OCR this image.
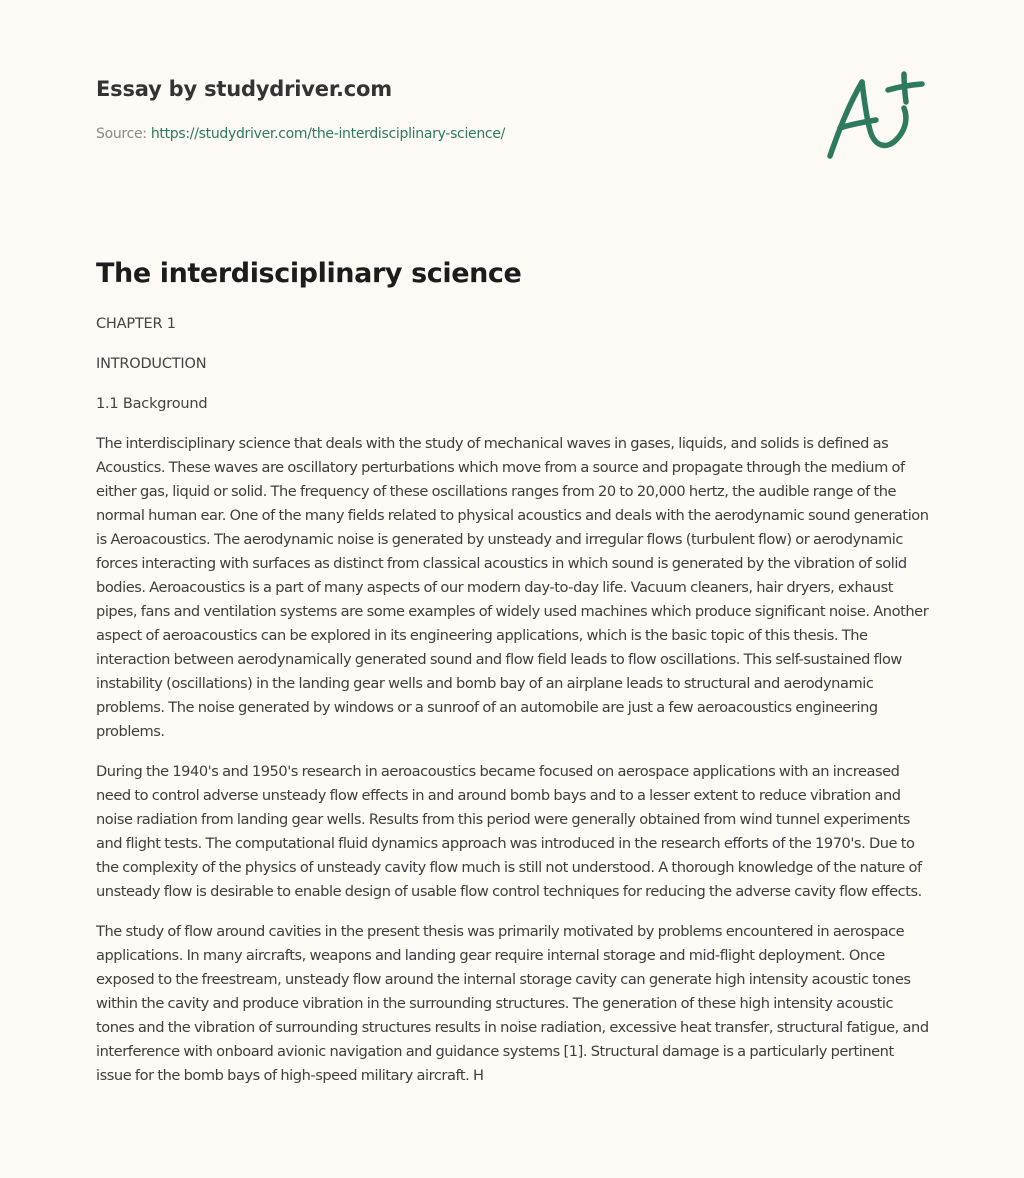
Essay by studydriver.com
Source: https://studydriver.com/the-interdisciplinary-science/
The interdisciplinary science

CHAPTER 1

INTRODUCTION

1.1 Background

The interdisciplinary science that deals with the study of mechanical waves in gases, liquids, and solids is defined as Acoustics. These waves are oscillatory perturbations which move from a source and propagate through the medium of either gas, liquid or solid. The frequency of these oscillations ranges from 20 to 20,000 hertz, the audible range of the normal human ear. One of the many fields related to physical acoustics and deals with the aerodynamic sound generation is Aeroacoustics. The aerodynamic noise is generated by unsteady and irregular flows (turbulent flow) or aerodynamic forces interacting with surfaces as distinct from classical acoustics in which sound is generated by the vibration of solid bodies. Aeroacoustics is a part of many aspects of our modern day-to-day life. Vacuum cleaners, hair dryers, exhaust pipes, fans and ventilation systems are some examples of widely used machines which produce significant noise. Another aspect of aeroacoustics can be explored in its engineering applications, which is the basic topic of this thesis. The interaction between aerodynamically generated sound and flow field leads to flow oscillations. This self-sustained flow instability (oscillations) in the landing gear wells and bomb bay of an airplane leads to structural and aerodynamic problems. The noise generated by windows or a sunroof of an automobile are just a few aeroacoustics engineering problems.

During the 1940's and 1950's research in aeroacoustics became focused on aerospace applications with an increased need to control adverse unsteady flow effects in and around bomb bays and to a lesser extent to reduce vibration and noise radiation from landing gear wells. Results from this period were generally obtained from wind tunnel experiments and flight tests. The computational fluid dynamics approach was introduced in the research efforts of the 1970's. Due to the complexity of the physics of unsteady cavity flow much is still not understood. A thorough knowledge of the nature of unsteady flow is desirable to enable design of usable flow control techniques for reducing the adverse cavity flow effects.

The study of flow around cavities in the present thesis was primarily motivated by problems encountered in aerospace applications. In many aircrafts, weapons and landing gear require internal storage and mid-flight deployment. Once exposed to the freestream, unsteady flow around the internal storage cavity can generate high intensity acoustic tones within the cavity and produce vibration in the surrounding structures. The generation of these high intensity acoustic tones and the vibration of surrounding structures results in noise radiation, excessive heat transfer, structural fatigue, and interference with onboard avionic navigation and guidance systems [1]. Structural damage is a particularly pertinent issue for the bomb bays of high-speed military aircraft. H
